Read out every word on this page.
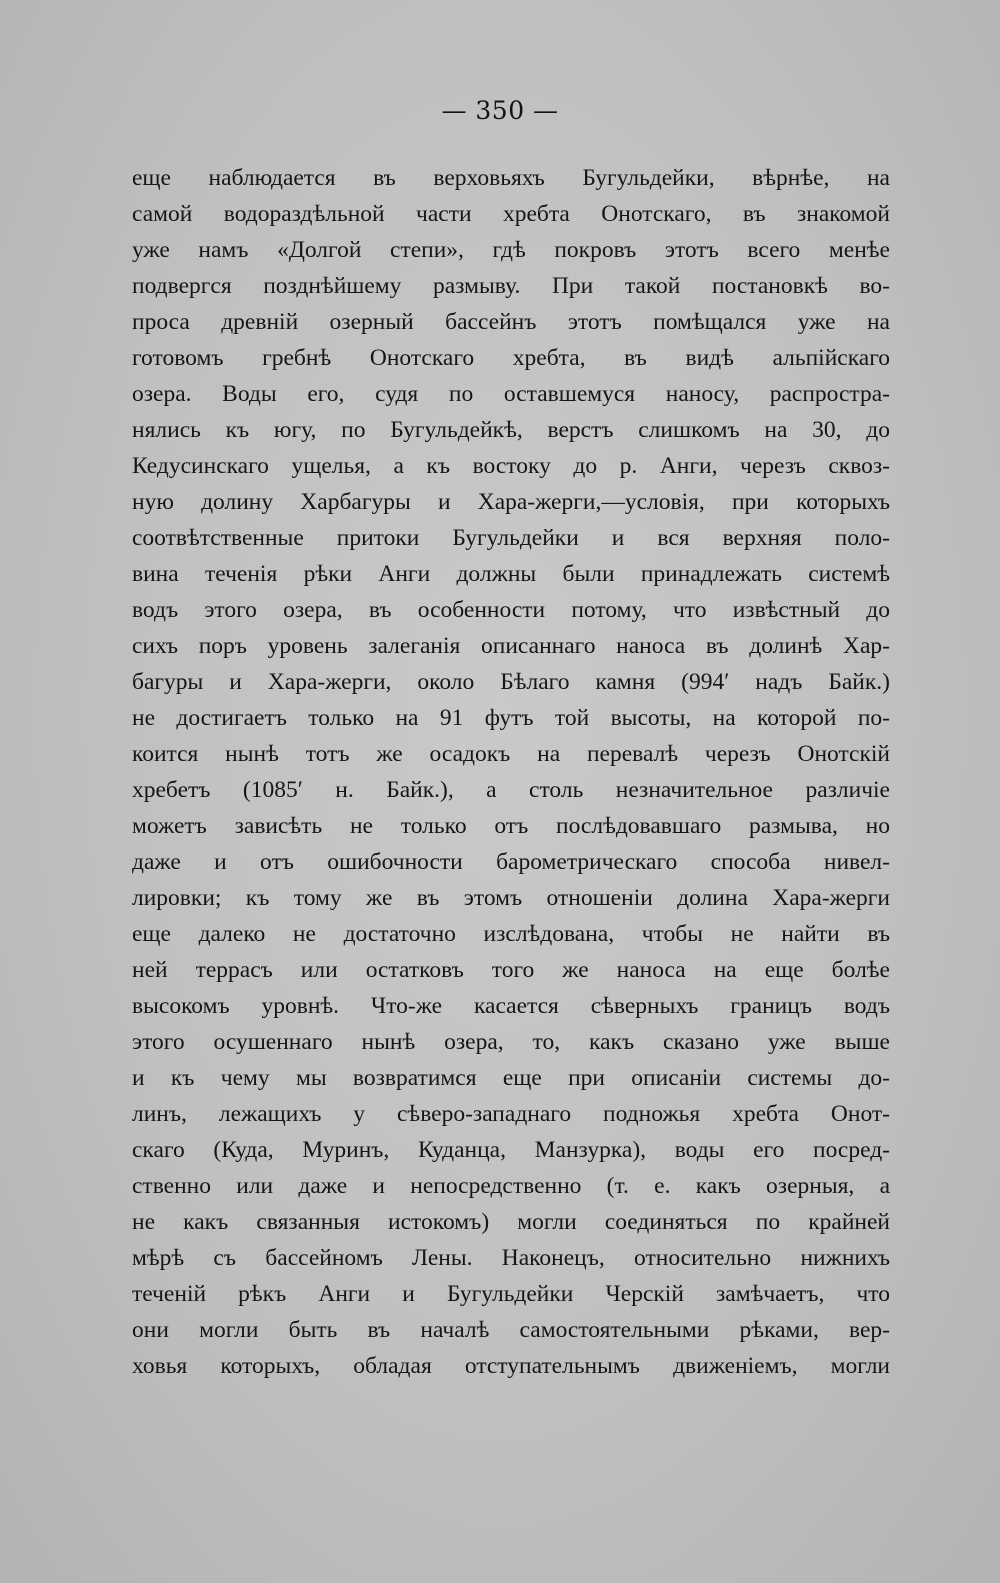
— 350 —
еще наблюдается въ верховьяхъ Бугульдейки, вѣрнѣе, на
самой водораздѣльной части хребта Онотскаго, въ знакомой
уже намъ «Долгой степи», гдѣ покровъ этотъ всего менѣе
подвергся позднѣйшему размыву. При такой постановкѣ во-
проса древній озерный бассейнъ этотъ помѣщался уже на
готовомъ гребнѣ Онотскаго хребта, въ видѣ альпійскаго
озера. Воды его, судя по оставшемуся наносу, распростра-
нялись къ югу, по Бугульдейкѣ, верстъ слишкомъ на 30, до
Кедусинскаго ущелья, а къ востоку до р. Анги, черезъ сквоз-
ную долину Харбагуры и Хара-жерги,—условія, при которыхъ
соотвѣтственные притоки Бугульдейки и вся верхняя поло-
вина теченія рѣки Анги должны были принадлежать системѣ
водъ этого озера, въ особенности потому, что извѣстный до
сихъ поръ уровень залеганія описаннаго наноса въ долинѣ Хар-
багуры и Хара-жерги, около Бѣлаго камня (994′ надъ Байк.)
не достигаетъ только на 91 футъ той высоты, на которой по-
коится нынѣ тотъ же осадокъ на перевалѣ черезъ Онотскій
хребетъ (1085′ н. Байк.), а столь незначительное различіе
можетъ зависѣть не только отъ послѣдовавшаго размыва, но
даже и отъ ошибочности барометрическаго способа нивел-
лировки; къ тому же въ этомъ отношеніи долина Хара-жерги
еще далеко не достаточно изслѣдована, чтобы не найти въ
ней террасъ или остатковъ того же наноса на еще болѣе
высокомъ уровнѣ. Что-же касается сѣверныхъ границъ водъ
этого осушеннаго нынѣ озера, то, какъ сказано уже выше
и къ чему мы возвратимся еще при описаніи системы до-
линъ, лежащихъ у сѣверо-западнаго подножья хребта Онот-
скаго (Куда, Муринъ, Куданца, Манзурка), воды его посред-
ственно или даже и непосредственно (т. е. какъ озерныя, а
не какъ связанныя истокомъ) могли соединяться по крайней
мѣрѣ съ бассейномъ Лены. Наконецъ, относительно нижнихъ
теченій рѣкъ Анги и Бугульдейки Черскій замѣчаетъ, что
они могли быть въ началѣ самостоятельными рѣками, вер-
ховья которыхъ, обладая отступательнымъ движеніемъ, могли
